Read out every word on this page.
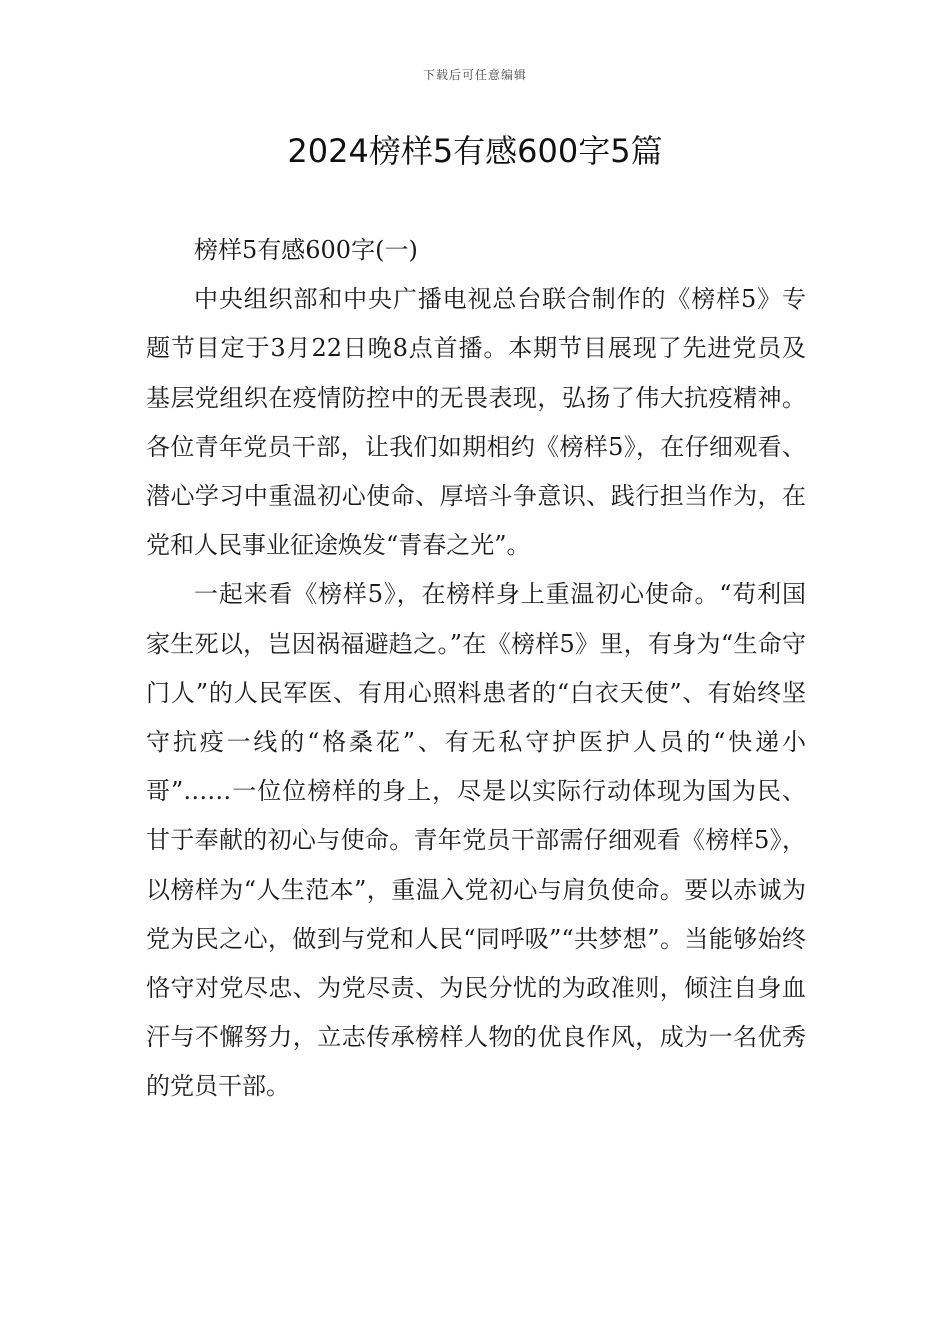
下载后可任意编辑
2024榜样5有感600字5篇

榜样5有感600字(一)

中央组织部和中央广播电视总台联合制作的《榜样5》专题节目定于3月22日晚8点首播。本期节目展现了先进党员及基层党组织在疫情防控中的无畏表现，弘扬了伟大抗疫精神。各位青年党员干部，让我们如期相约《榜样5》，在仔细观看、潜心学习中重温初心使命、厚培斗争意识、践行担当作为，在党和人民事业征途焕发“青春之光”。

一起来看《榜样5》，在榜样身上重温初心使命。“苟利国家生死以，岂因祸福避趋之。”在《榜样5》里，有身为“生命守门人”的人民军医、有用心照料患者的“白衣天使”、有始终坚守抗疫一线的“格桑花”、有无私守护医护人员的“快递小哥”……一位位榜样的身上，尽是以实际行动体现为国为民、甘于奉献的初心与使命。青年党员干部需仔细观看《榜样5》，以榜样为“人生范本”，重温入党初心与肩负使命。要以赤诚为党为民之心，做到与党和人民“同呼吸”“共梦想”。当能够始终恪守对党尽忠、为党尽责、为民分忧的为政准则，倾注自身血汗与不懈努力，立志传承榜样人物的优良作风，成为一名优秀的党员干部。
